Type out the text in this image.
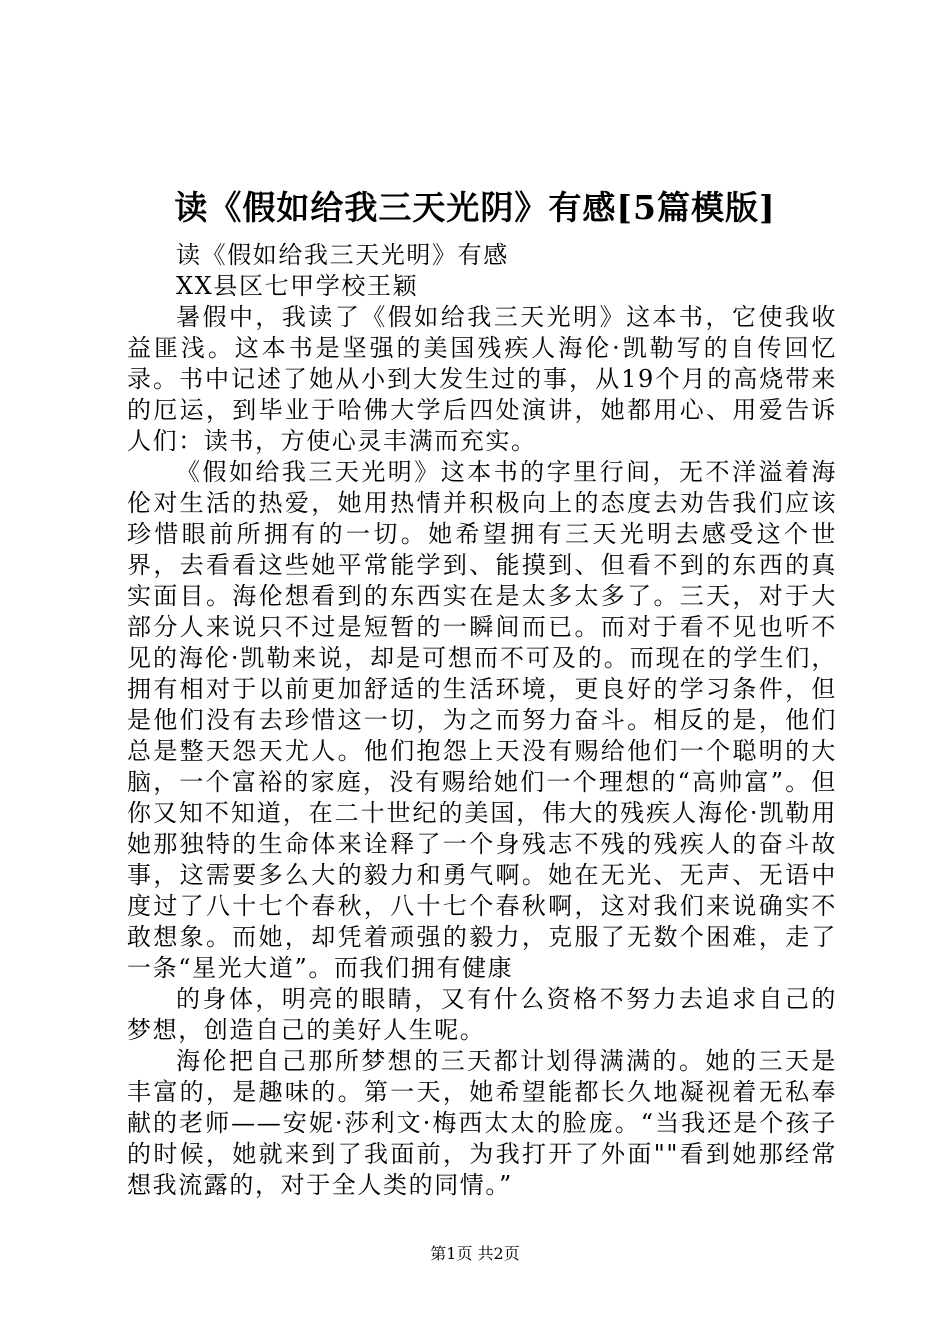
读《假如给我三天光阴》有感[5篇模版]

读《假如给我三天光明》有感

XX县区七甲学校王颖

暑假中，我读了《假如给我三天光明》这本书，它使我收益匪浅。这本书是坚强的美国残疾人海伦·凯勒写的自传回忆录。书中记述了她从小到大发生过的事，从19个月的高烧带来的厄运，到毕业于哈佛大学后四处演讲，她都用心、用爱告诉人们：读书，方使心灵丰满而充实。

《假如给我三天光明》这本书的字里行间，无不洋溢着海伦对生活的热爱，她用热情并积极向上的态度去劝告我们应该珍惜眼前所拥有的一切。她希望拥有三天光明去感受这个世界，去看看这些她平常能学到、能摸到、但看不到的东西的真实面目。海伦想看到的东西实在是太多太多了。三天，对于大部分人来说只不过是短暂的一瞬间而已。而对于看不见也听不见的海伦·凯勒来说，却是可想而不可及的。而现在的学生们，拥有相对于以前更加舒适的生活环境，更良好的学习条件，但是他们没有去珍惜这一切，为之而努力奋斗。相反的是，他们总是整天怨天尤人。他们抱怨上天没有赐给他们一个聪明的大脑，一个富裕的家庭，没有赐给她们一个理想的“高帅富”。但你又知不知道，在二十世纪的美国，伟大的残疾人海伦·凯勒用她那独特的生命体来诠释了一个身残志不残的残疾人的奋斗故事，这需要多么大的毅力和勇气啊。她在无光、无声、无语中度过了八十七个春秋，八十七个春秋啊，这对我们来说确实不敢想象。而她，却凭着顽强的毅力，克服了无数个困难，走了一条“星光大道”。而我们拥有健康

的身体，明亮的眼睛，又有什么资格不努力去追求自己的梦想，创造自己的美好人生呢。

海伦把自己那所梦想的三天都计划得满满的。她的三天是丰富的，是趣味的。第一天，她希望能都长久地凝视着无私奉献的老师——安妮·莎利文·梅西太太的脸庞。“当我还是个孩子的时候，她就来到了我面前，为我打开了外面""看到她那经常想我流露的，对于全人类的同情。”

第1页 共2页
